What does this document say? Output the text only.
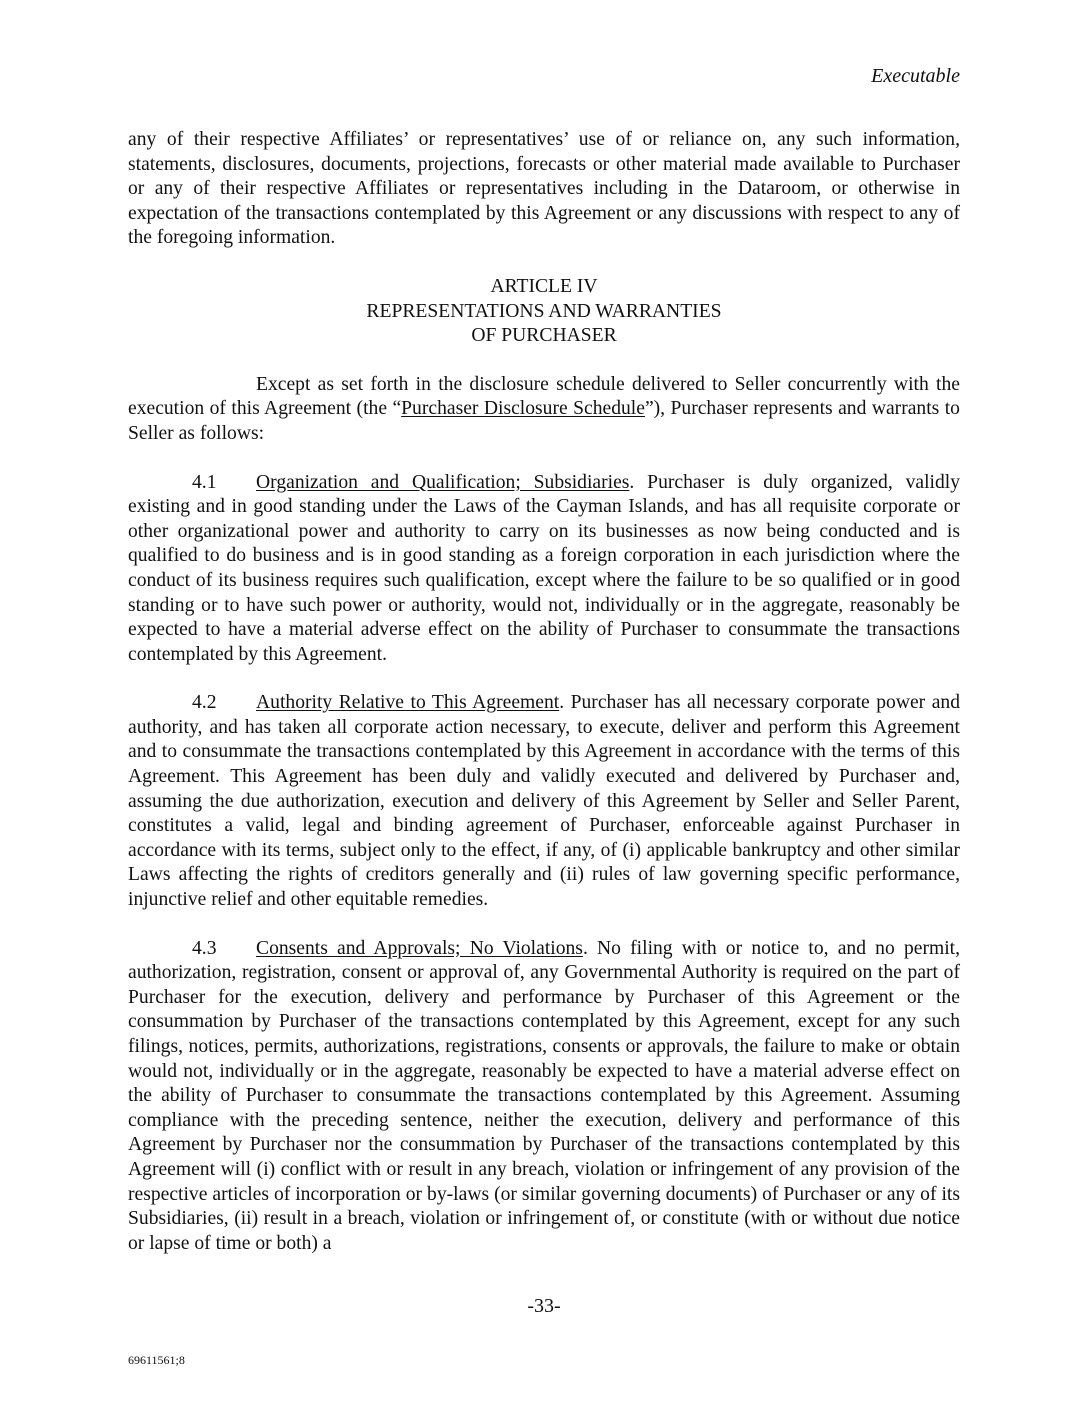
Executable

any of their respective Affiliates’ or representatives’ use of or reliance on, any such information, statements, disclosures, documents, projections, forecasts or other material made available to Purchaser or any of their respective Affiliates or representatives including in the Dataroom, or otherwise in expectation of the transactions contemplated by this Agreement or any discussions with respect to any of the foregoing information.

ARTICLE IV
REPRESENTATIONS AND WARRANTIES
OF PURCHASER

Except as set forth in the disclosure schedule delivered to Seller concurrently with the execution of this Agreement (the “Purchaser Disclosure Schedule”), Purchaser represents and warrants to Seller as follows:

4.1 Organization and Qualification; Subsidiaries. Purchaser is duly organized, validly existing and in good standing under the Laws of the Cayman Islands, and has all requisite corporate or other organizational power and authority to carry on its businesses as now being conducted and is qualified to do business and is in good standing as a foreign corporation in each jurisdiction where the conduct of its business requires such qualification, except where the failure to be so qualified or in good standing or to have such power or authority, would not, individually or in the aggregate, reasonably be expected to have a material adverse effect on the ability of Purchaser to consummate the transactions contemplated by this Agreement.

4.2 Authority Relative to This Agreement. Purchaser has all necessary corporate power and authority, and has taken all corporate action necessary, to execute, deliver and perform this Agreement and to consummate the transactions contemplated by this Agreement in accordance with the terms of this Agreement. This Agreement has been duly and validly executed and delivered by Purchaser and, assuming the due authorization, execution and delivery of this Agreement by Seller and Seller Parent, constitutes a valid, legal and binding agreement of Purchaser, enforceable against Purchaser in accordance with its terms, subject only to the effect, if any, of (i) applicable bankruptcy and other similar Laws affecting the rights of creditors generally and (ii) rules of law governing specific performance, injunctive relief and other equitable remedies.

4.3 Consents and Approvals; No Violations. No filing with or notice to, and no permit, authorization, registration, consent or approval of, any Governmental Authority is required on the part of Purchaser for the execution, delivery and performance by Purchaser of this Agreement or the consummation by Purchaser of the transactions contemplated by this Agreement, except for any such filings, notices, permits, authorizations, registrations, consents or approvals, the failure to make or obtain would not, individually or in the aggregate, reasonably be expected to have a material adverse effect on the ability of Purchaser to consummate the transactions contemplated by this Agreement. Assuming compliance with the preceding sentence, neither the execution, delivery and performance of this Agreement by Purchaser nor the consummation by Purchaser of the transactions contemplated by this Agreement will (i) conflict with or result in any breach, violation or infringement of any provision of the respective articles of incorporation or by-laws (or similar governing documents) of Purchaser or any of its Subsidiaries, (ii) result in a breach, violation or infringement of, or constitute (with or without due notice or lapse of time or both) a

-33-
69611561;8
